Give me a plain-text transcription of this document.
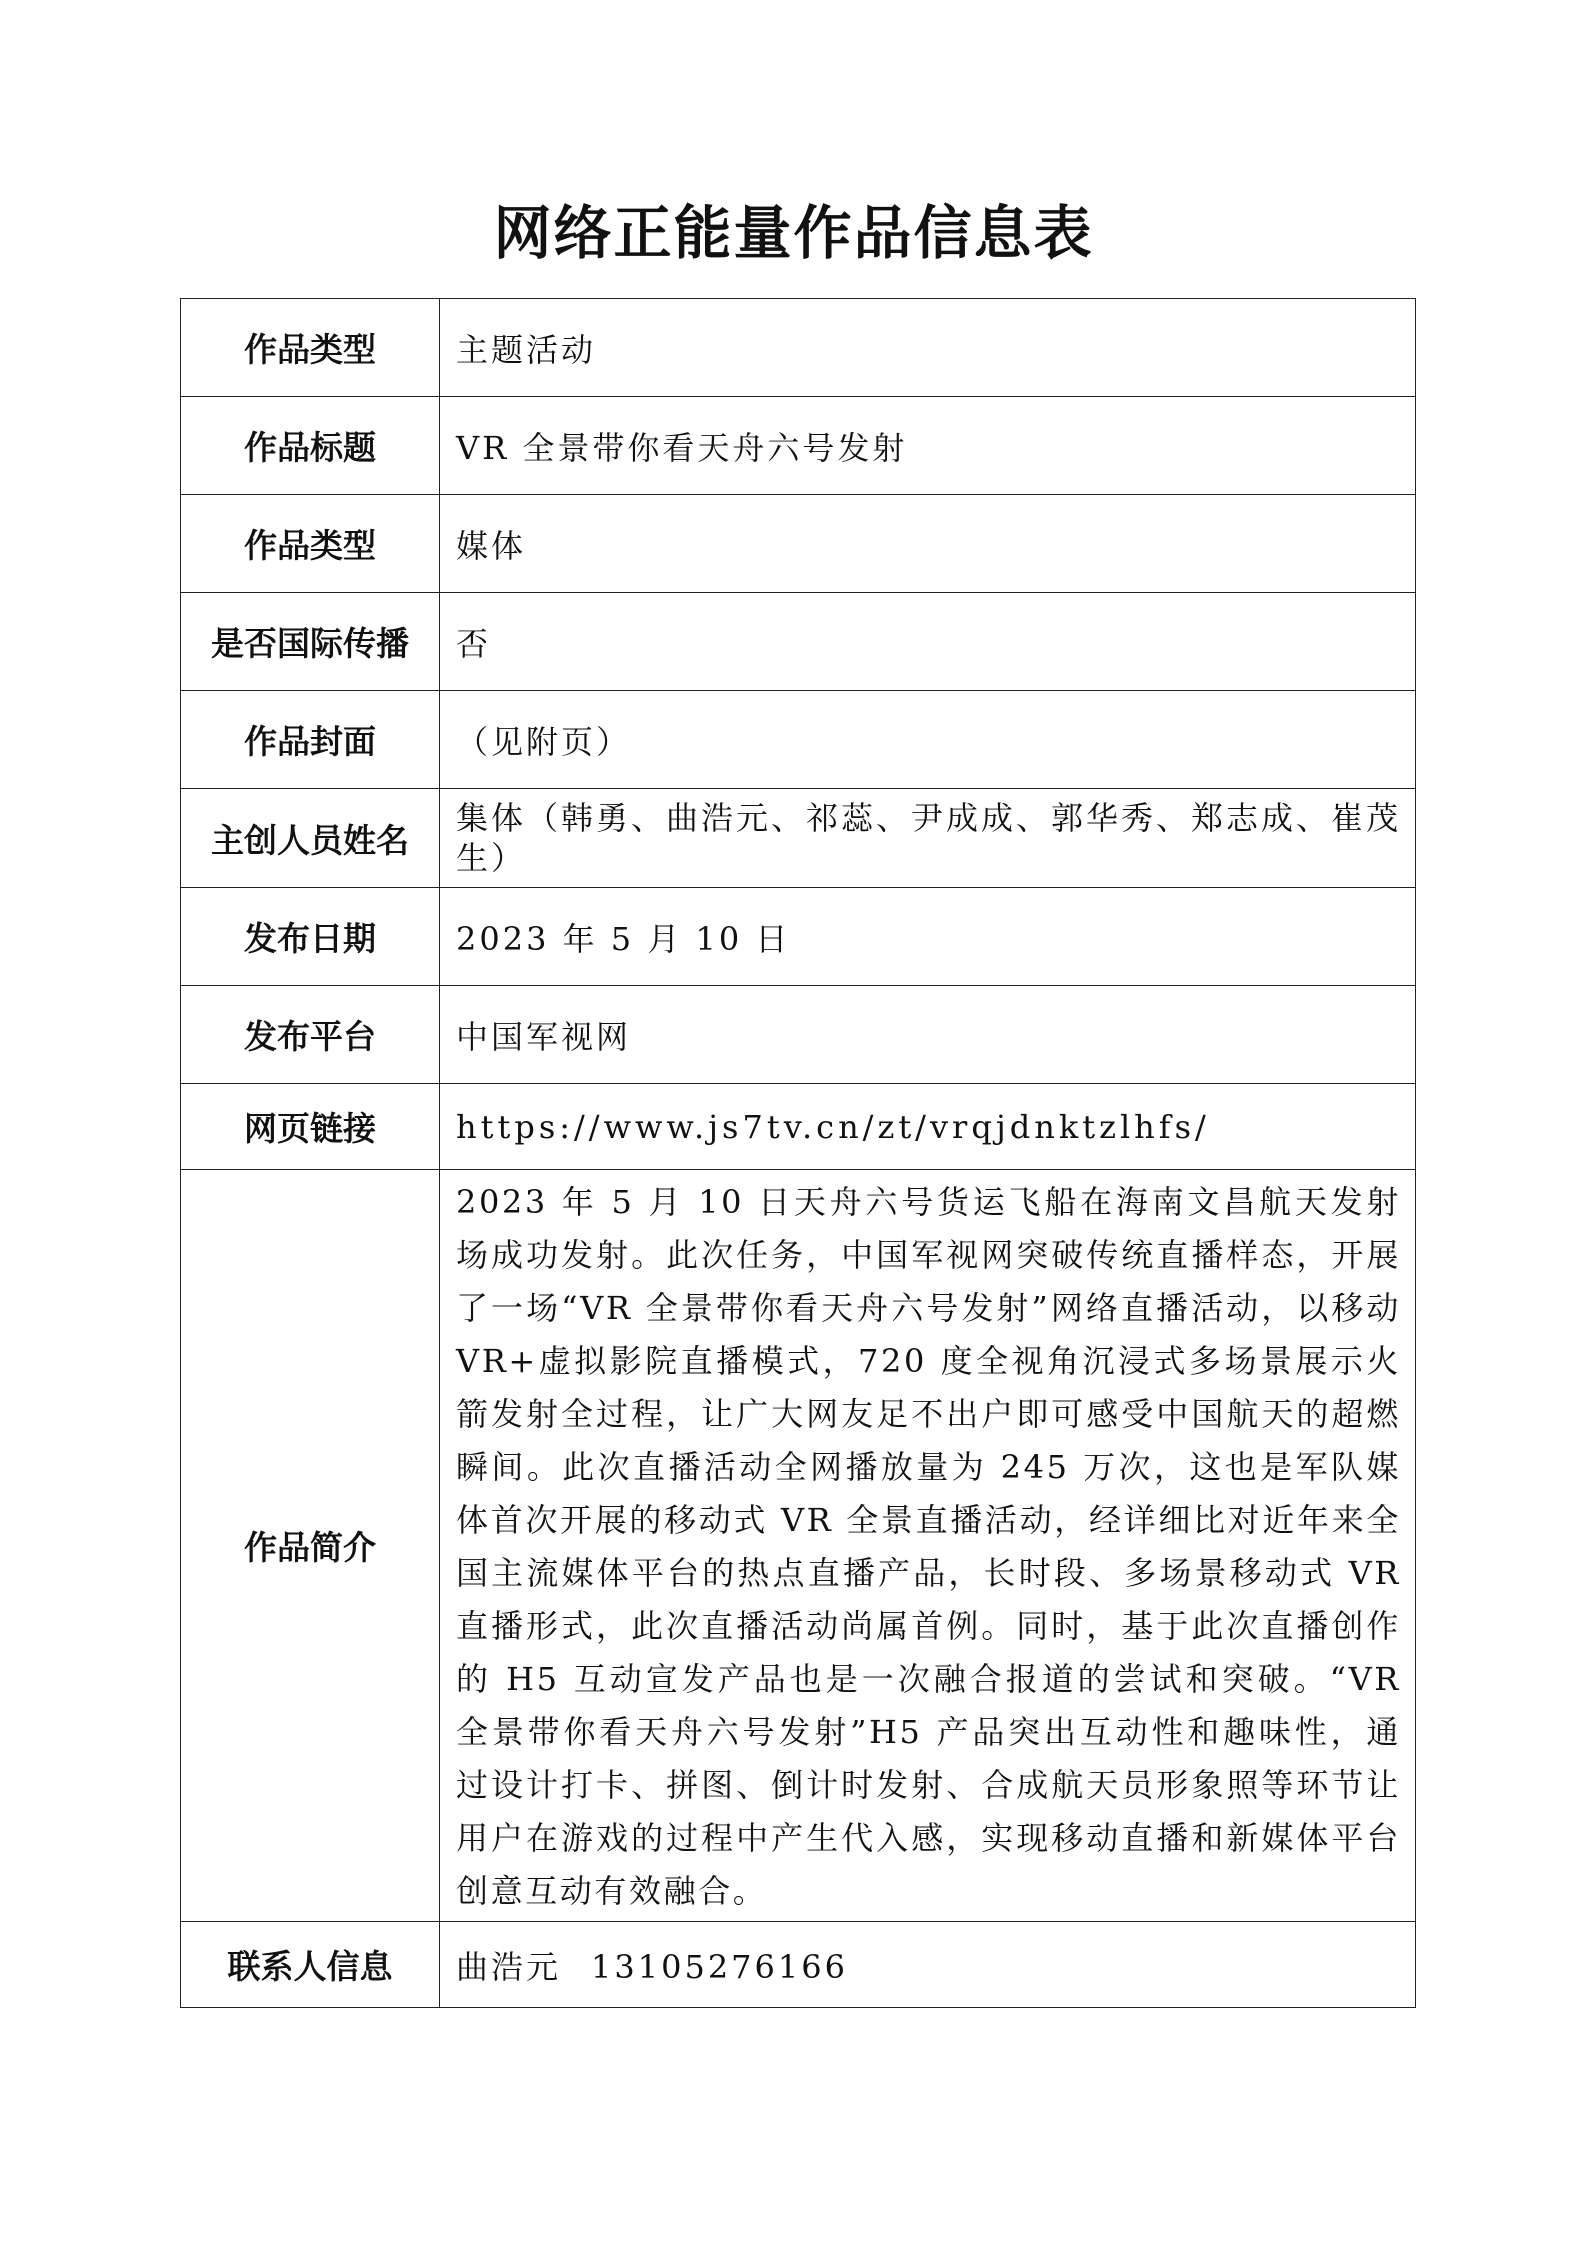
网络正能量作品信息表
作品类型	主题活动
作品标题	VR 全景带你看天舟六号发射
作品类型	媒体
是否国际传播	否
作品封面	（见附页）
主创人员姓名	集体（韩勇、曲浩元、祁蕊、尹成成、郭华秀、郑志成、崔茂生）
发布日期	2023 年 5 月 10 日
发布平台	中国军视网
网页链接	https://www.js7tv.cn/zt/vrqjdnktzlhfs/
作品简介	2023 年 5 月 10 日天舟六号货运飞船在海南文昌航天发射场成功发射。此次任务，中国军视网突破传统直播样态，开展了一场“VR 全景带你看天舟六号发射”网络直播活动，以移动 VR+虚拟影院直播模式，720 度全视角沉浸式多场景展示火箭发射全过程，让广大网友足不出户即可感受中国航天的超燃瞬间。此次直播活动全网播放量为 245 万次，这也是军队媒体首次开展的移动式 VR 全景直播活动，经详细比对近年来全国主流媒体平台的热点直播产品，长时段、多场景移动式 VR 直播形式，此次直播活动尚属首例。同时，基于此次直播创作的 H5 互动宣发产品也是一次融合报道的尝试和突破。“VR 全景带你看天舟六号发射”H5 产品突出互动性和趣味性，通过设计打卡、拼图、倒计时发射、合成航天员形象照等环节让用户在游戏的过程中产生代入感，实现移动直播和新媒体平台创意互动有效融合。
联系人信息	曲浩元 13105276166
